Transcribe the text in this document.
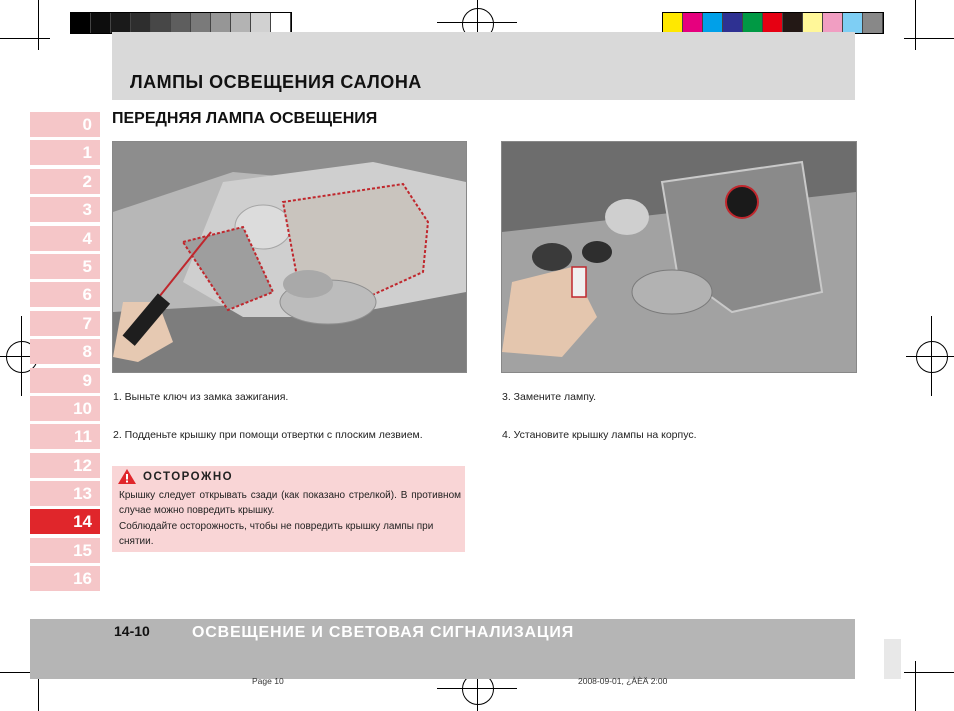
ЛАМПЫ ОСВЕЩЕНИЯ САЛОНА
ПЕРЕДНЯЯ ЛАМПА ОСВЕЩЕНИЯ
0
1
2
3
4
5
6
7
8
9
10
11
12
13
14
15
16
1. Выньте ключ из замка зажигания.
2. Подденьте крышку при помощи отвертки с плоским лезвием.
3. Замените лампу.
4. Установите крышку лампы на корпус.
ОСТОРОЖНО
Крышку следует открывать сзади (как показано стрелкой). В противном случае можно повредить крышку.
Соблюдайте осторожность, чтобы не повредить крышку лампы при снятии.
14-10	ОСВЕЩЕНИЕ И СВЕТОВАЯ СИГНАЛИЗАЦИЯ
Page 10	2008-09-01, ¿ÀÈÄ 2:00
